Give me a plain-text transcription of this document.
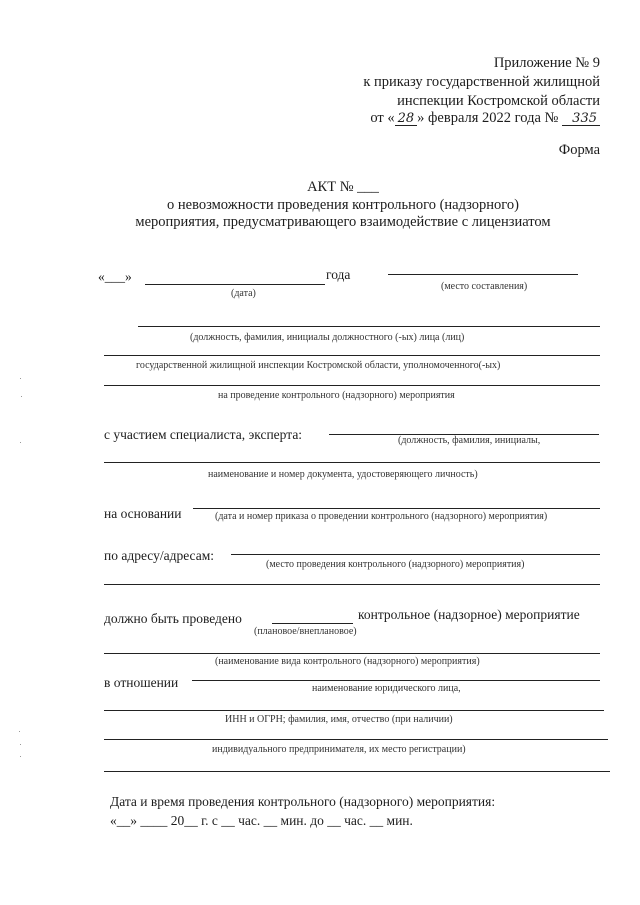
Приложение № 9
к приказу государственной жилищной
инспекции Костромской области
от « 28 » февраля 2022 года № 335
Форма
АКТ № ___
о невозможности проведения контрольного (надзорного)
мероприятия, предусматривающего взаимодействие с лицензиатом
«___»	года
(дата)
(место составления)
(должность, фамилия, инициалы должностного (-ых) лица (лиц)
государственной жилищной инспекции Костромской области, уполномоченного(-ых)
на проведение контрольного (надзорного) мероприятия
с участием специалиста, эксперта:	(должность, фамилия, инициалы,
наименование и номер документа, удостоверяющего личность)
на основании	(дата и номер приказа о проведении контрольного (надзорного) мероприятия)
по адресу/адресам:
(место проведения контрольного (надзорного) мероприятия)
должно быть проведено	контрольное (надзорное) мероприятие
(плановое/внеплановое)
(наименование вида контрольного (надзорного) мероприятия)
в отношении	наименование юридического лица,
ИНН и ОГРН; фамилия, имя, отчество (при наличии)
индивидуального предпринимателя, их место регистрации)
Дата и время проведения контрольного (надзорного) мероприятия:
«__» ____ 20__ г. с __ час. __ мин. до __ час. __ мин.
